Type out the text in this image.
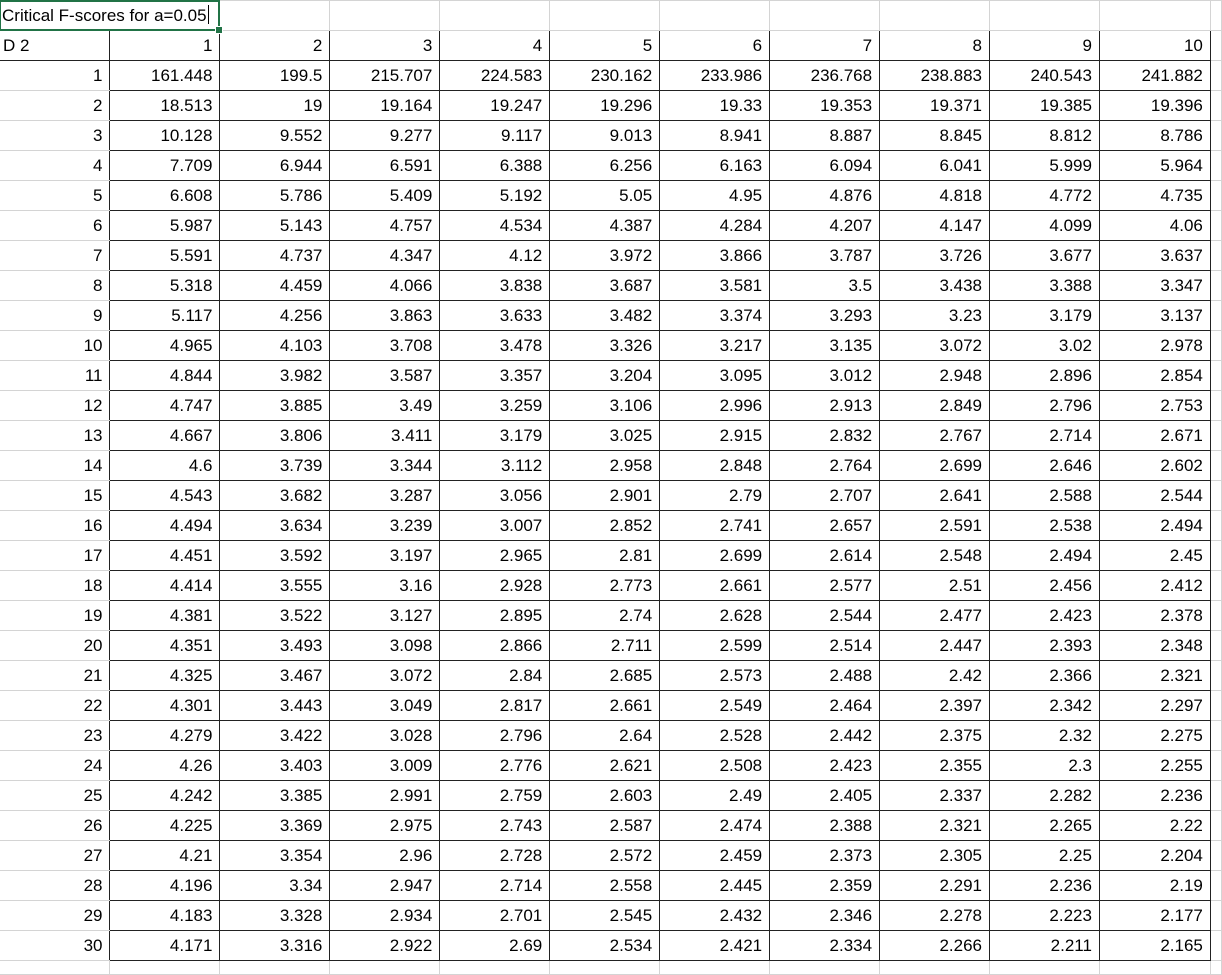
Critical F-scores for a=0.05	

D 2	1	2	3	4	5	6	7	8	9	10	
1	161.448	199.5	215.707	224.583	230.162	233.986	236.768	238.883	240.543	241.882	
2	18.513	19	19.164	19.247	19.296	19.33	19.353	19.371	19.385	19.396	
3	10.128	9.552	9.277	9.117	9.013	8.941	8.887	8.845	8.812	8.786	
4	7.709	6.944	6.591	6.388	6.256	6.163	6.094	6.041	5.999	5.964	
5	6.608	5.786	5.409	5.192	5.05	4.95	4.876	4.818	4.772	4.735	
6	5.987	5.143	4.757	4.534	4.387	4.284	4.207	4.147	4.099	4.06	
7	5.591	4.737	4.347	4.12	3.972	3.866	3.787	3.726	3.677	3.637	
8	5.318	4.459	4.066	3.838	3.687	3.581	3.5	3.438	3.388	3.347	
9	5.117	4.256	3.863	3.633	3.482	3.374	3.293	3.23	3.179	3.137	
10	4.965	4.103	3.708	3.478	3.326	3.217	3.135	3.072	3.02	2.978	
11	4.844	3.982	3.587	3.357	3.204	3.095	3.012	2.948	2.896	2.854	
12	4.747	3.885	3.49	3.259	3.106	2.996	2.913	2.849	2.796	2.753	
13	4.667	3.806	3.411	3.179	3.025	2.915	2.832	2.767	2.714	2.671	
14	4.6	3.739	3.344	3.112	2.958	2.848	2.764	2.699	2.646	2.602	
15	4.543	3.682	3.287	3.056	2.901	2.79	2.707	2.641	2.588	2.544	
16	4.494	3.634	3.239	3.007	2.852	2.741	2.657	2.591	2.538	2.494	
17	4.451	3.592	3.197	2.965	2.81	2.699	2.614	2.548	2.494	2.45	
18	4.414	3.555	3.16	2.928	2.773	2.661	2.577	2.51	2.456	2.412	
19	4.381	3.522	3.127	2.895	2.74	2.628	2.544	2.477	2.423	2.378	
20	4.351	3.493	3.098	2.866	2.711	2.599	2.514	2.447	2.393	2.348	
21	4.325	3.467	3.072	2.84	2.685	2.573	2.488	2.42	2.366	2.321	
22	4.301	3.443	3.049	2.817	2.661	2.549	2.464	2.397	2.342	2.297	
23	4.279	3.422	3.028	2.796	2.64	2.528	2.442	2.375	2.32	2.275	
24	4.26	3.403	3.009	2.776	2.621	2.508	2.423	2.355	2.3	2.255	
25	4.242	3.385	2.991	2.759	2.603	2.49	2.405	2.337	2.282	2.236	
26	4.225	3.369	2.975	2.743	2.587	2.474	2.388	2.321	2.265	2.22	
27	4.21	3.354	2.96	2.728	2.572	2.459	2.373	2.305	2.25	2.204	
28	4.196	3.34	2.947	2.714	2.558	2.445	2.359	2.291	2.236	2.19	
29	4.183	3.328	2.934	2.701	2.545	2.432	2.346	2.278	2.223	2.177	
30	4.171	3.316	2.922	2.69	2.534	2.421	2.334	2.266	2.211	2.165	
